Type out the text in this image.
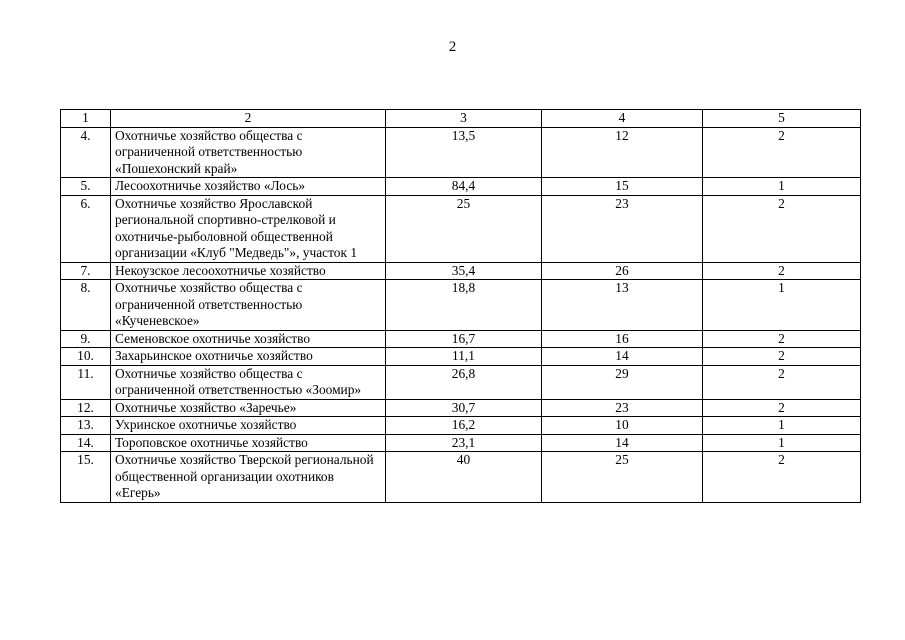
2
1	2	3	4	5
4.	Охотничье хозяйство общества с ограниченной ответственностью «Пошехонский край»	13,5	12	2
5.	Лесоохотничье хозяйство «Лось»	84,4	15	1
6.	Охотничье хозяйство Ярославской региональной спортивно-стрелковой и охотничье-рыболовной общественной организации «Клуб "Медведь"», участок 1	25	23	2
7.	Некоузское лесоохотничье хозяйство	35,4	26	2
8.	Охотничье хозяйство общества с ограниченной ответственностью «Кученевское»	18,8	13	1
9.	Семеновское охотничье хозяйство	16,7	16	2
10.	Захарьинское охотничье хозяйство	11,1	14	2
11.	Охотничье хозяйство общества с ограниченной ответственностью «Зоомир»	26,8	29	2
12.	Охотничье хозяйство «Заречье»	30,7	23	2
13.	Ухринское охотничье хозяйство	16,2	10	1
14.	Тороповское охотничье хозяйство	23,1	14	1
15.	Охотничье хозяйство Тверской региональной общественной организации охотников «Егерь»	40	25	2
